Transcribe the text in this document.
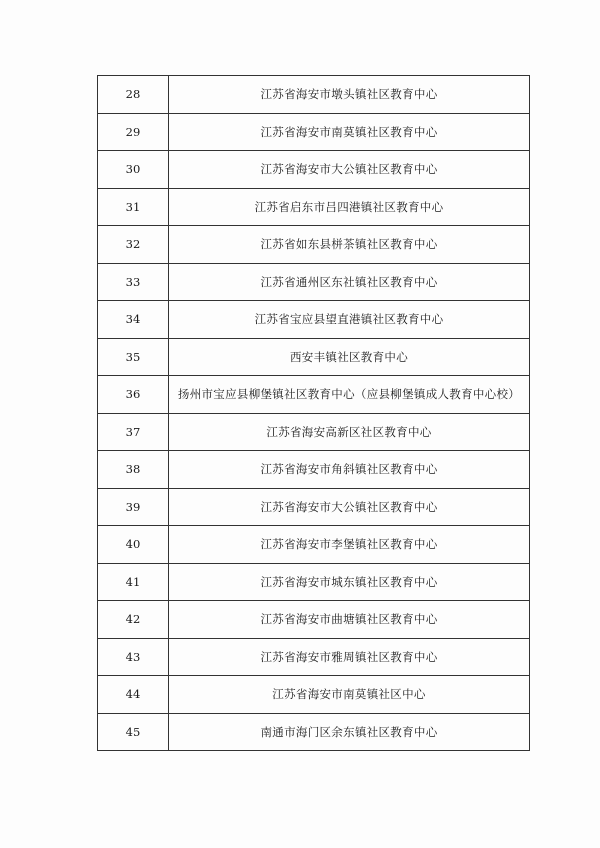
28	江苏省海安市墩头镇社区教育中心
29	江苏省海安市南莫镇社区教育中心
30	江苏省海安市大公镇社区教育中心
31	江苏省启东市吕四港镇社区教育中心
32	江苏省如东县栟茶镇社区教育中心
33	江苏省通州区东社镇社区教育中心
34	江苏省宝应县望直港镇社区教育中心
35	西安丰镇社区教育中心
36	扬州市宝应县柳堡镇社区教育中心（应县柳堡镇成人教育中心校）
37	江苏省海安高新区社区教育中心
38	江苏省海安市角斜镇社区教育中心
39	江苏省海安市大公镇社区教育中心
40	江苏省海安市李堡镇社区教育中心
41	江苏省海安市城东镇社区教育中心
42	江苏省海安市曲塘镇社区教育中心
43	江苏省海安市雅周镇社区教育中心
44	江苏省海安市南莫镇社区中心
45	南通市海门区余东镇社区教育中心
